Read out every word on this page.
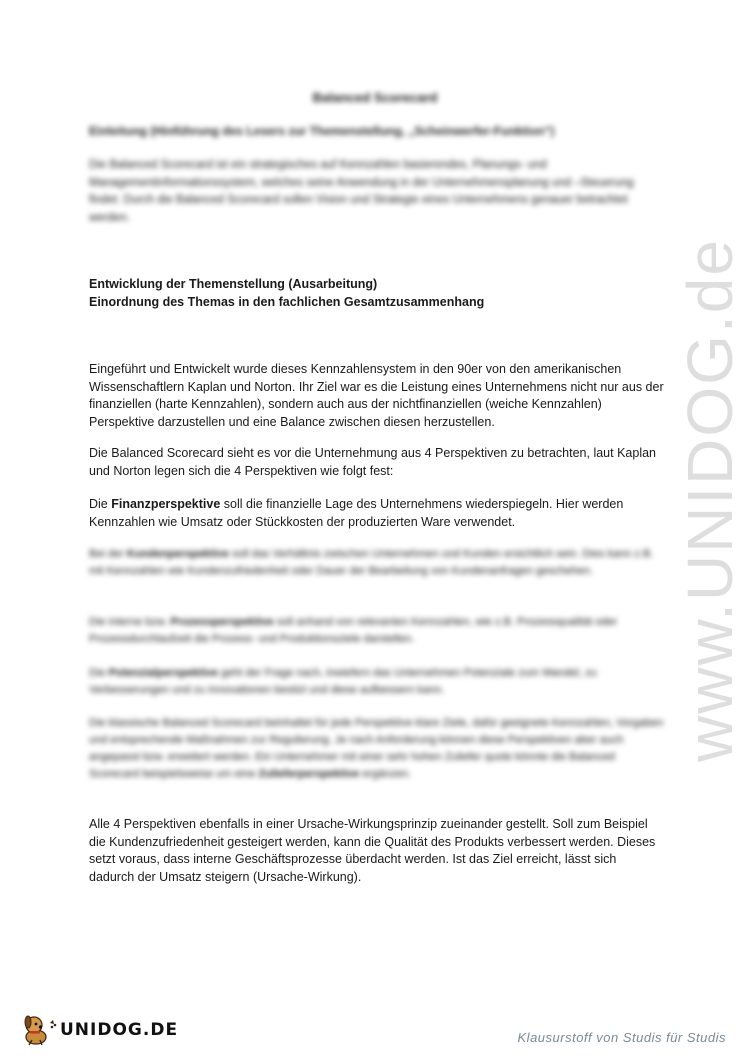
www.UNIDOG.de
Balanced Scorecard
Einleitung (Hinführung des Lesers zur Themenstellung, „Scheinwerfer-Funktion“)
Die Balanced Scorecard ist ein strategisches auf Kennzahlen basierendes, Planungs- und Managementinformationssystem, welches seine Anwendung in der Unternehmensplanung und –Steuerung findet. Durch die Balanced Scorecard sollen Vision und Strategie eines Unternehmens genauer betrachtet werden.
Entwicklung der Themenstellung (Ausarbeitung)
Einordnung des Themas in den fachlichen Gesamtzusammenhang

Eingeführt und Entwickelt wurde dieses Kennzahlensystem in den 90er von den amerikanischen Wissenschaftlern Kaplan und Norton. Ihr Ziel war es die Leistung eines Unternehmens nicht nur aus der finanziellen (harte Kennzahlen), sondern auch aus der nichtfinanziellen (weiche Kennzahlen) Perspektive darzustellen und eine Balance zwischen diesen herzustellen.

Die Balanced Scorecard sieht es vor die Unternehmung aus 4 Perspektiven zu betrachten, laut Kaplan und Norton legen sich die 4 Perspektiven wie folgt fest:

Die Finanzperspektive soll die finanzielle Lage des Unternehmens wiederspiegeln. Hier werden Kennzahlen wie Umsatz oder Stückkosten der produzierten Ware verwendet.

Bei der Kundenperspektive soll das Verhältnis zwischen Unternehmen und Kunden ersichtlich sein. Dies kann z.B. mit Kennzahlen wie Kundenzufriedenheit oder Dauer der Bearbeitung von Kundenanfragen geschehen.

Die interne bzw. Prozessperspektive soll anhand von relevanten Kennzahlen, wie z.B. Prozessqualität oder Prozessdurchlaufzeit die Prozess- und Produktionsziele darstellen.

Die Potenzialperspektive geht der Frage nach, inwiefern das Unternehmen Potenziale zum Wandel, zu Verbesserungen und zu Innovationen besitzt und diese aufbessern kann.

Die klassische Balanced Scorecard beinhaltet für jede Perspektive klare Ziele, dafür geeignete Kennzahlen, Vorgaben und entsprechende Maßnahmen zur Regulierung. Je nach Anforderung können diese Perspektiven aber auch angepasst bzw. erweitert werden. Ein Unternehmer mit einer sehr hohen Zuliefer quote könnte die Balanced Scorecard beispielsweise um eine Zulieferperspektive ergänzen.

Alle 4 Perspektiven ebenfalls in einer Ursache-Wirkungsprinzip zueinander gestellt. Soll zum Beispiel die Kundenzufriedenheit gesteigert werden, kann die Qualität des Produkts verbessert werden. Dieses setzt voraus, dass interne Geschäftsprozesse überdacht werden. Ist das Ziel erreicht, lässt sich dadurch der Umsatz steigern (Ursache-Wirkung).

UNIDOG.DE	Klausurstoff von Studis für Studis
